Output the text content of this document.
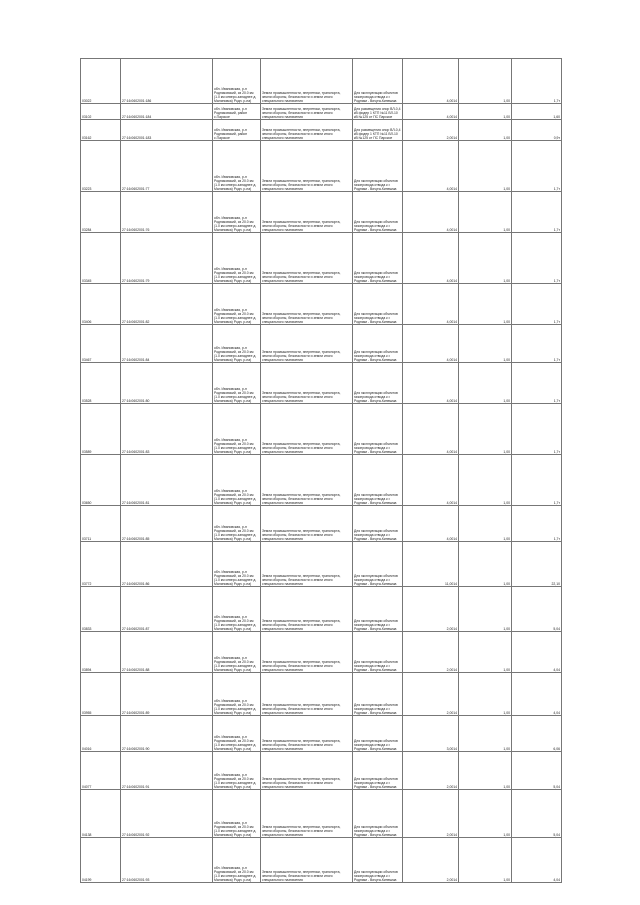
03022	27:16:0602001:186	обл. Ивановская, р-н Родниковский, из 20.0 км (1.0 км северо-западнее д. Малиновка) Родн. р-на)	Земли промышленности, энергетики, транспорта, земли обороны, безопасности и земли иного специального назначения	Для эксплуатации объектов газопровода отвода к г. Родники - Вичуга-Кинешма	4,0014	1,00	1,7т
03102	27:16:0602001:184	обл. Ивановская, р-н Родниковский, район с.Парское	Земли промышленности, энергетики, транспорта, земли обороны, безопасности и земли иного специального назначения	Для размещения опор ВЛ-0,4 кВ фидер 1 КТП №11 ВЛ-10 кВ №125 от ПС Парское	4,0014	1,00	1,60
03162	27:16:0602001:183	обл. Ивановская, р-н Родниковский, район с.Парское	Земли промышленности, энергетики, транспорта, земли обороны, безопасности и земли иного специального назначения	Для размещения опор ВЛ-0,4 кВ фидер 1 КТП №11 ВЛ-10 кВ №125 от ПС Парское	2,0014	1,00	0,9т
03223	27:16:0602001:77	обл. Ивановская, р-н Родниковский, из 20.0 км (1.0 км северо-западнее д. Малиновка) Родн. р-на)	Земли промышленности, энергетики, транспорта, земли обороны, безопасности и земли иного специального назначения	Для эксплуатации объектов газопровода отвода к г. Родники - Вичуга-Кинешма	4,0014	1,00	1,7т
03284	27:16:0602001:76	обл. Ивановская, р-н Родниковский, из 20.0 км (1.0 км северо-западнее д. Малиновка) Родн. р-на)	Земли промышленности, энергетики, транспорта, земли обороны, безопасности и земли иного специального назначения	Для эксплуатации объектов газопровода отвода к г. Родники - Вичуга-Кинешма	4,0014	1,00	1,7т
03345	27:16:0602001:79	обл. Ивановская, р-н Родниковский, из 20.0 км (1.0 км северо-западнее д. Малиновка) Родн. р-на)	Земли промышленности, энергетики, транспорта, земли обороны, безопасности и земли иного специального назначения	Для эксплуатации объектов газопровода отвода к г. Родники - Вичуга-Кинешма	4,0014	1,00	1,7т
03406	27:16:0602001:82	обл. Ивановская, р-н Родниковский, из 20.0 км (1.0 км северо-западнее д. Малиновка) Родн. р-на)	Земли промышленности, энергетики, транспорта, земли обороны, безопасности и земли иного специального назначения	Для эксплуатации объектов газопровода отвода к г. Родники - Вичуга-Кинешма	4,0014	1,00	1,7т
03467	27:16:0602001:84	обл. Ивановская, р-н Родниковский, из 20.0 км (1.0 км северо-западнее д. Малиновка) Родн. р-на)	Земли промышленности, энергетики, транспорта, земли обороны, безопасности и земли иного специального назначения	Для эксплуатации объектов газопровода отвода к г. Родники - Вичуга-Кинешма	4,0014	1,00	1,7т
03528	27:16:0602001:80	обл. Ивановская, р-н Родниковский, из 20.0 км (1.0 км северо-западнее д. Малиновка) Родн. р-на)	Земли промышленности, энергетики, транспорта, земли обороны, безопасности и земли иного специального назначения	Для эксплуатации объектов газопровода отвода к г. Родники - Вичуга-Кинешма	4,0014	1,00	1,7т
03589	27:16:0602001:83	обл. Ивановская, р-н Родниковский, из 20.0 км (1.0 км северо-западнее д. Малиновка) Родн. р-на)	Земли промышленности, энергетики, транспорта, земли обороны, безопасности и земли иного специального назначения	Для эксплуатации объектов газопровода отвода к г. Родники - Вичуга-Кинешма	4,0014	1,00	1,7т
03650	27:16:0602001:81	обл. Ивановская, р-н Родниковский, из 20.0 км (1.0 км северо-западнее д. Малиновка) Родн. р-на)	Земли промышленности, энергетики, транспорта, земли обороны, безопасности и земли иного специального назначения	Для эксплуатации объектов газопровода отвода к г. Родники - Вичуга-Кинешма	4,0014	1,00	1,7т
03711	27:16:0602001:85	обл. Ивановская, р-н Родниковский, из 20.0 км (1.0 км северо-западнее д. Малиновка) Родн. р-на)	Земли промышленности, энергетики, транспорта, земли обороны, безопасности и земли иного специального назначения	Для эксплуатации объектов газопровода отвода к г. Родники - Вичуга-Кинешма	4,0014	1,00	1,7т
03772	27:16:0602001:86	обл. Ивановская, р-н Родниковский, из 20.0 км (1.0 км северо-западнее д. Малиновка) Родн. р-на)	Земли промышленности, энергетики, транспорта, земли обороны, безопасности и земли иного специального назначения	Для эксплуатации объектов газопровода отвода к г. Родники - Вичуга-Кинешма	11,0014	1,00	22,10
03833	27:16:0602001:87	обл. Ивановская, р-н Родниковский, из 20.0 км (1.0 км северо-западнее д. Малиновка) Родн. р-на)	Земли промышленности, энергетики, транспорта, земли обороны, безопасности и земли иного специального назначения	Для эксплуатации объектов газопровода отвода к г. Родники - Вичуга-Кинешма	2,0014	1,00	5,04
03894	27:16:0602001:88	обл. Ивановская, р-н Родниковский, из 20.0 км (1.0 км северо-западнее д. Малиновка) Родн. р-на)	Земли промышленности, энергетики, транспорта, земли обороны, безопасности и земли иного специального назначения	Для эксплуатации объектов газопровода отвода к г. Родники - Вичуга-Кинешма	2,0014	1,00	4,04
03955	27:16:0602001:89	обл. Ивановская, р-н Родниковский, из 20.0 км (1.0 км северо-западнее д. Малиновка) Родн. р-на)	Земли промышленности, энергетики, транспорта, земли обороны, безопасности и земли иного специального назначения	Для эксплуатации объектов газопровода отвода к г. Родники - Вичуга-Кинешма	2,0014	1,00	4,04
04016	27:16:0602001:90	обл. Ивановская, р-н Родниковский, из 20.0 км (1.0 км северо-западнее д. Малиновка) Родн. р-на)	Земли промышленности, энергетики, транспорта, земли обороны, безопасности и земли иного специального назначения	Для эксплуатации объектов газопровода отвода к г. Родники - Вичуга-Кинешма	3,0014	1,00	6,06
04077	27:16:0602001:91	обл. Ивановская, р-н Родниковский, из 20.0 км (1.0 км северо-западнее д. Малиновка) Родн. р-на)	Земли промышленности, энергетики, транспорта, земли обороны, безопасности и земли иного специального назначения	Для эксплуатации объектов газопровода отвода к г. Родники - Вичуга-Кинешма	2,0014	1,00	5,04
04138	27:16:0602001:92	обл. Ивановская, р-н Родниковский, из 20.0 км (1.0 км северо-западнее д. Малиновка) Родн. р-на)	Земли промышленности, энергетики, транспорта, земли обороны, безопасности и земли иного специального назначения	Для эксплуатации объектов газопровода отвода к г. Родники - Вичуга-Кинешма	2,0014	1,00	5,04
04199	27:16:0602001:93	обл. Ивановская, р-н Родниковский, из 20.0 км (1.0 км северо-западнее д. Малиновка) Родн. р-на)	Земли промышленности, энергетики, транспорта, земли обороны, безопасности и земли иного специального назначения	Для эксплуатации объектов газопровода отвода к г. Родники - Вичуга-Кинешма	2,0014	1,00	4,04
